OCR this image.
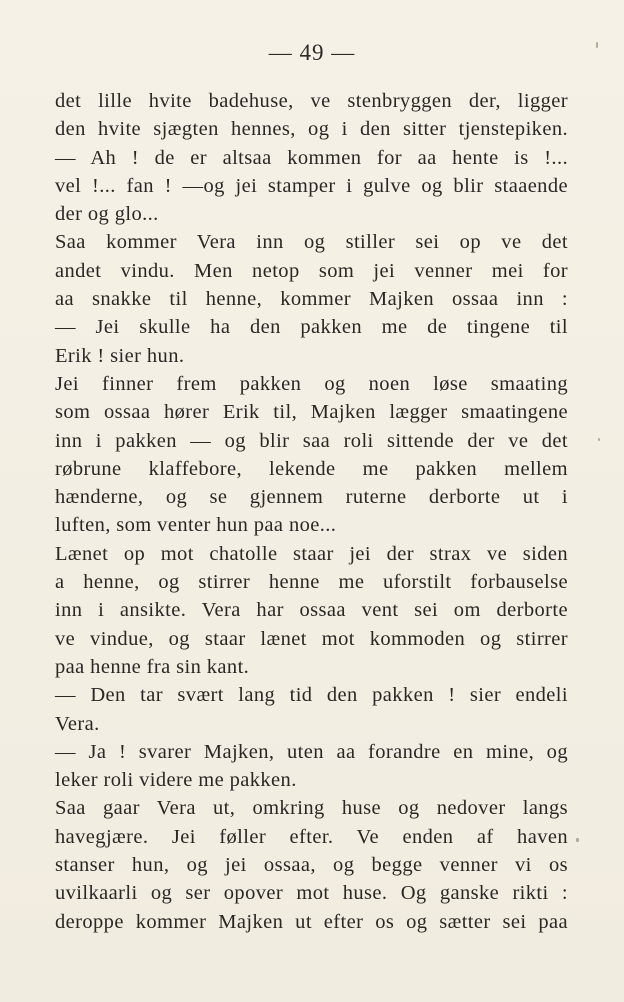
— 49 —
det lille hvite badehuse, ve stenbryggen der, ligger
den hvite sjægten hennes, og i den sitter tjenstepiken.
— Ah ! de er altsaa kommen for aa hente is !...
vel !... fan ! —og jei stamper i gulve og blir staaende
der og glo...
Saa kommer Vera inn og stiller sei op ve det
andet vindu. Men netop som jei venner mei for
aa snakke til henne, kommer Majken ossaa inn :
— Jei skulle ha den pakken me de tingene til
Erik ! sier hun.
Jei finner frem pakken og noen løse smaating
som ossaa hører Erik til, Majken lægger smaatingene
inn i pakken — og blir saa roli sittende der ve det
røbrune klaffebore, lekende me pakken mellem
hænderne, og se gjennem ruterne derborte ut i
luften, som venter hun paa noe...
Lænet op mot chatolle staar jei der strax ve siden
a henne, og stirrer henne me uforstilt forbauselse
inn i ansikte. Vera har ossaa vent sei om derborte
ve vindue, og staar lænet mot kommoden og stirrer
paa henne fra sin kant.
— Den tar svært lang tid den pakken ! sier endeli
Vera.
— Ja ! svarer Majken, uten aa forandre en mine, og
leker roli videre me pakken.
Saa gaar Vera ut, omkring huse og nedover langs
havegjære. Jei føller efter. Ve enden af haven
stanser hun, og jei ossaa, og begge venner vi os
uvilkaarli og ser opover mot huse. Og ganske rikti :
deroppe kommer Majken ut efter os og sætter sei paa
